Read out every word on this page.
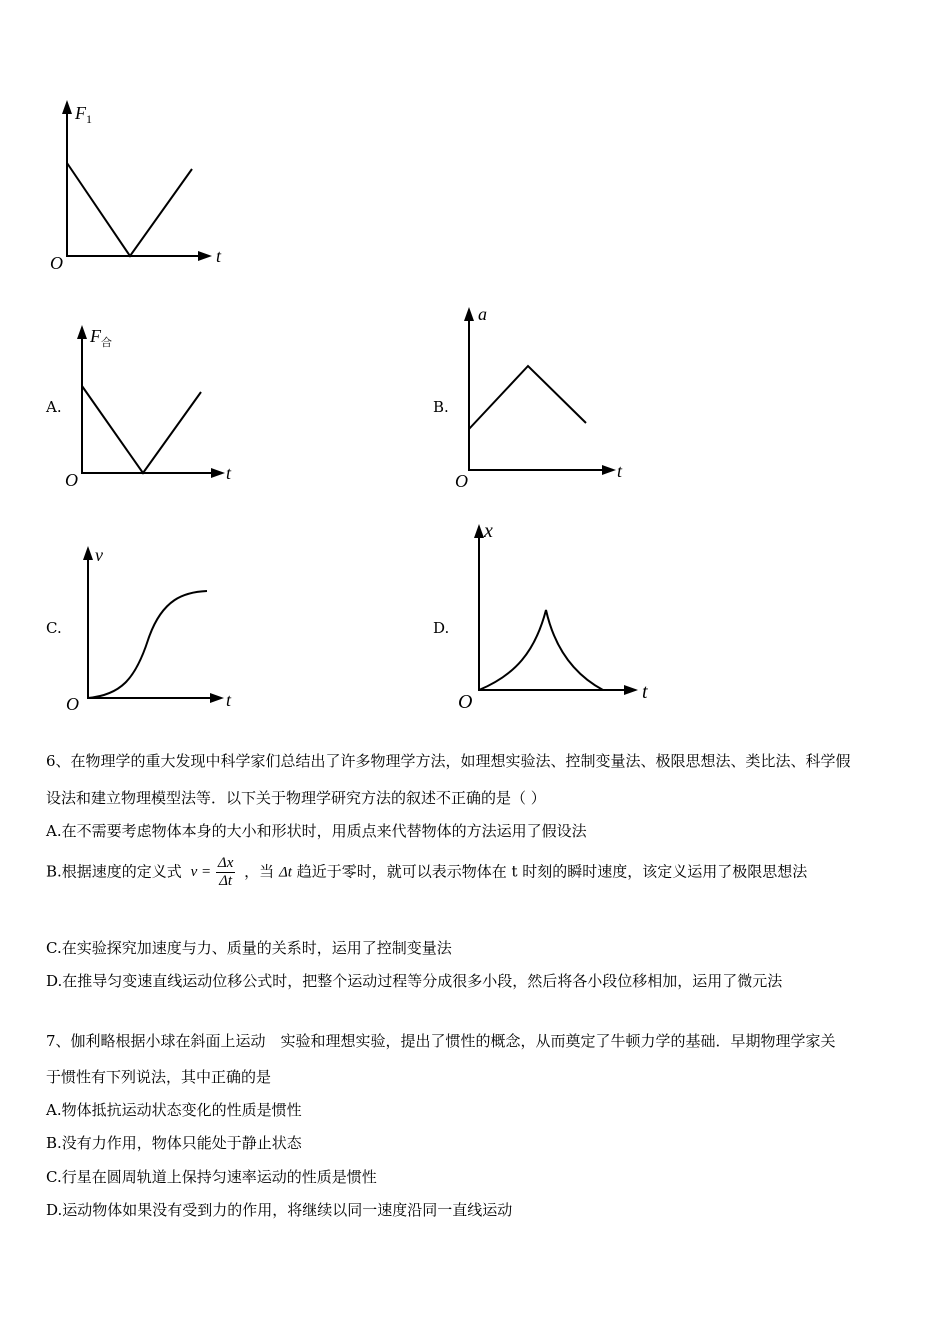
$F_1$
O	t
A.
$F_合$
O	t
B.
a
O	t
C.
v
O	t
D.
x
O	t
6、在物理学的重大发现中科学家们总结出了许多物理学方法，如理想实验法、控制变量法、极限思想法、类比法、科学假
设法和建立物理模型法等．以下关于物理学研究方法的叙述不正确的是（ ）
A.在不需要考虑物体本身的大小和形状时，用质点来代替物体的方法运用了假设法
B.根据速度的定义式 $v = \frac{\Delta x}{\Delta t}$ ，当 Δt 趋近于零时，就可以表示物体在 t 时刻的瞬时速度，该定义运用了极限思想法
C.在实验探究加速度与力、质量的关系时，运用了控制变量法
D.在推导匀变速直线运动位移公式时，把整个运动过程等分成很多小段，然后将各小段位移相加，运用了微元法
7、伽利略根据小球在斜面上运动　实验和理想实验，提出了惯性的概念，从而奠定了牛顿力学的基础．早期物理学家关
于惯性有下列说法，其中正确的是
A.物体抵抗运动状态变化的性质是惯性
B.没有力作用，物体只能处于静止状态
C.行星在圆周轨道上保持匀速率运动的性质是惯性
D.运动物体如果没有受到力的作用，将继续以同一速度沿同一直线运动
